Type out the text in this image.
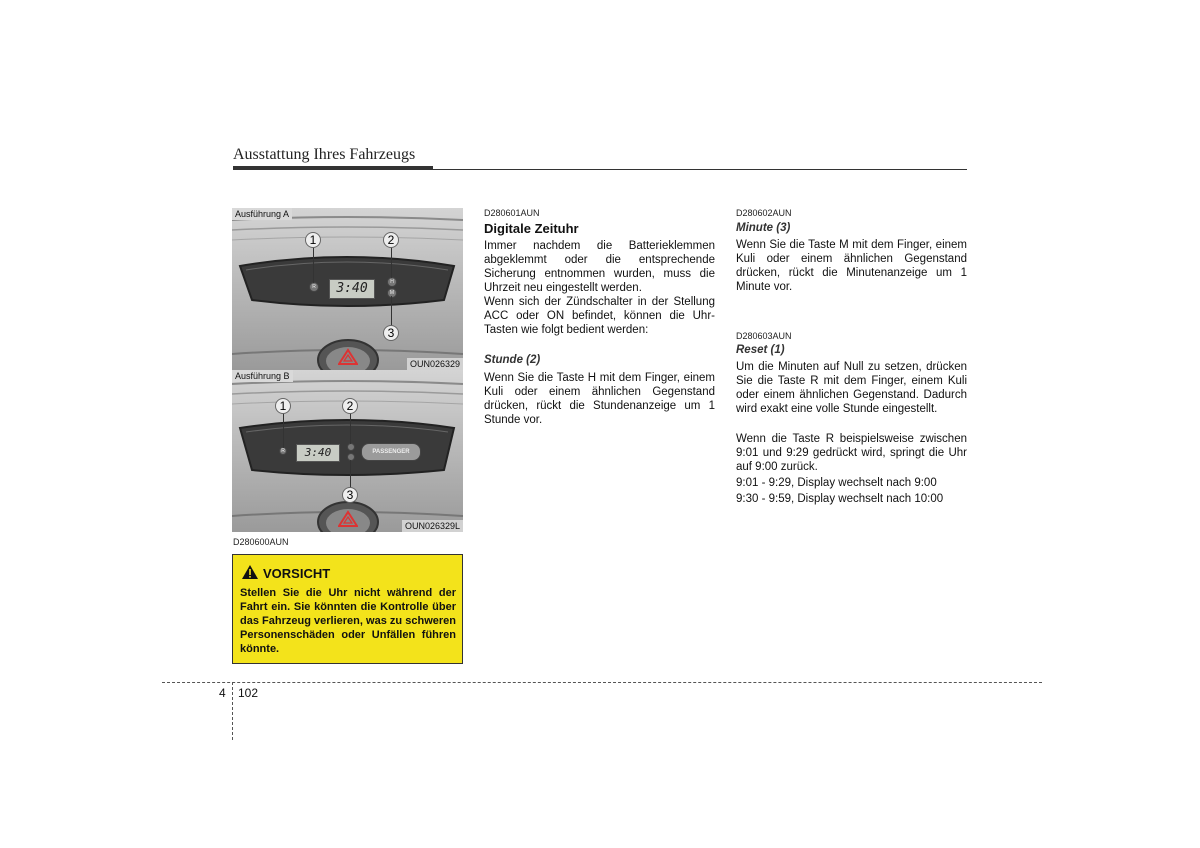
Ausstattung Ihres Fahrzeugs
3:40
R
H
M
1	2
3
Ausführung A
OUN026329
3:40
R	PASSENGER
1	2
3
Ausführung B
OUN026329L
D280600AUN
VORSICHT

Stellen Sie die Uhr nicht während der Fahrt ein. Sie könnten die Kontrolle über das Fahrzeug verlieren, was zu schweren Personenschäden oder Unfällen führen könnte.

D280601AUN
Digitale Zeituhr

Immer nachdem die Batterieklemmen abgeklemmt oder die entsprechende Sicherung entnommen wurden, muss die Uhrzeit neu eingestellt werden.

Wenn sich der Zündschalter in der Stellung ACC oder ON befindet, können die Uhr-Tasten wie folgt bedient werden:

Stunde (2)

Wenn Sie die Taste H mit dem Finger, einem Kuli oder einem ähnlichen Gegenstand drücken, rückt die Stundenanzeige um 1 Stunde vor.

D280602AUN
Minute (3)

Wenn Sie die Taste M mit dem Finger, einem Kuli oder einem ähnlichen Gegenstand drücken, rückt die Minutenanzeige um 1 Minute vor.

D280603AUN
Reset (1)

Um die Minuten auf Null zu setzen, drücken Sie die Taste R mit dem Finger, einem Kuli oder einem ähnlichen Gegenstand. Dadurch wird exakt eine volle Stunde eingestellt.

Wenn die Taste R beispielsweise zwischen 9:01 und 9:29 gedrückt wird, springt die Uhr auf 9:00 zurück.

9:01 - 9:29, Display wechselt nach 9:00
9:30 - 9:59, Display wechselt nach 10:00
4 102
